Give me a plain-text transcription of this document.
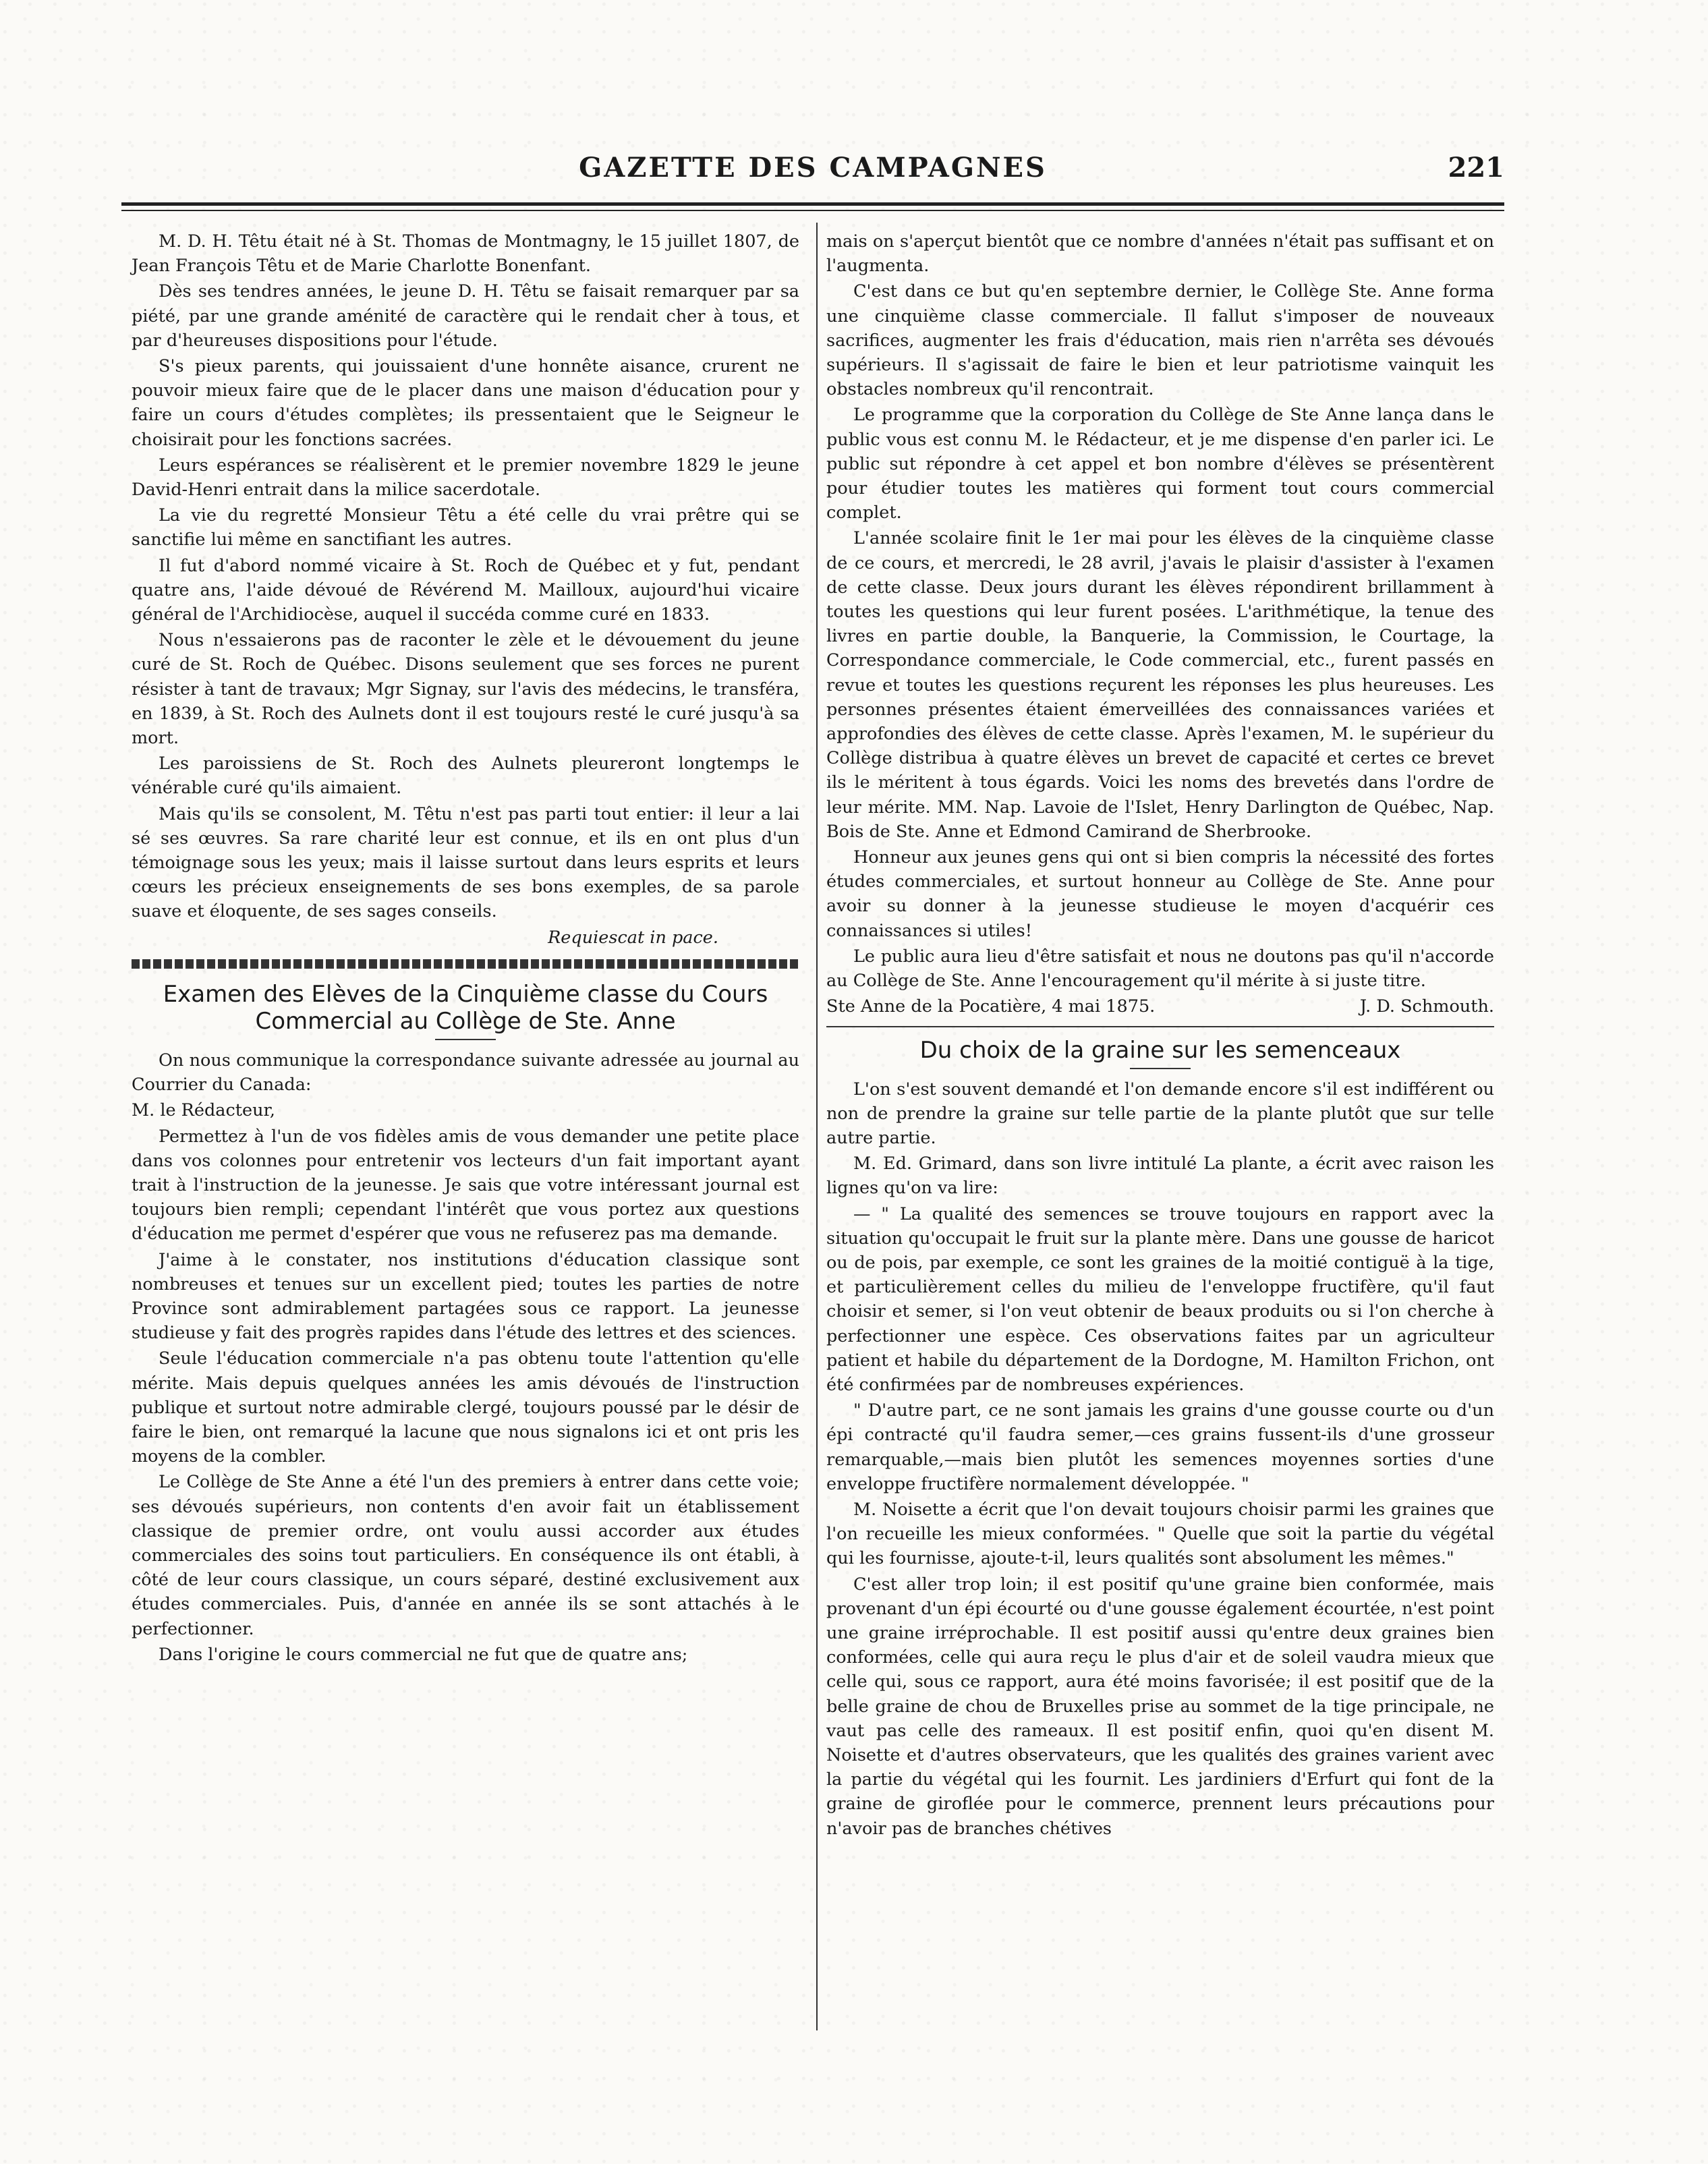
GAZETTE DES CAMPAGNES	221

M. D. H. Têtu était né à St. Thomas de Montmagny, le 15 juillet 1807, de Jean François Têtu et de Marie Charlotte Bonenfant.

Dès ses tendres années, le jeune D. H. Têtu se faisait remarquer par sa piété, par une grande aménité de caractère qui le rendait cher à tous, et par d'heureuses dispositions pour l'étude.

S's pieux parents, qui jouissaient d'une honnête aisance, crurent ne pouvoir mieux faire que de le placer dans une maison d'éducation pour y faire un cours d'études complètes; ils pressentaient que le Seigneur le choisirait pour les fonctions sacrées.

Leurs espérances se réalisèrent et le premier novembre 1829 le jeune David-Henri entrait dans la milice sacerdotale.

La vie du regretté Monsieur Têtu a été celle du vrai prêtre qui se sanctifie lui même en sanctifiant les autres.

Il fut d'abord nommé vicaire à St. Roch de Québec et y fut, pendant quatre ans, l'aide dévoué de Révérend M. Mailloux, aujourd'hui vicaire général de l'Archidiocèse, auquel il succéda comme curé en 1833.

Nous n'essaierons pas de raconter le zèle et le dévouement du jeune curé de St. Roch de Québec. Disons seulement que ses forces ne purent résister à tant de travaux; Mgr Signay, sur l'avis des médecins, le transféra, en 1839, à St. Roch des Aulnets dont il est toujours resté le curé jusqu'à sa mort.

Les paroissiens de St. Roch des Aulnets pleureront longtemps le vénérable curé qu'ils aimaient.

Mais qu'ils se consolent, M. Têtu n'est pas parti tout entier: il leur a lai sé ses œuvres. Sa rare charité leur est connue, et ils en ont plus d'un témoignage sous les yeux; mais il laisse surtout dans leurs esprits et leurs cœurs les précieux enseignements de ses bons exemples, de sa parole suave et éloquente, de ses sages conseils.

Requiescat in pace.

Examen des Elèves de la Cinquième classe du Cours Commercial au Collège de Ste. Anne

On nous communique la correspondance suivante adressée au journal au Courrier du Canada:

M. le Rédacteur,

Permettez à l'un de vos fidèles amis de vous demander une petite place dans vos colonnes pour entretenir vos lecteurs d'un fait important ayant trait à l'instruction de la jeunesse. Je sais que votre intéressant journal est toujours bien rempli; cependant l'intérêt que vous portez aux questions d'éducation me permet d'espérer que vous ne refuserez pas ma demande.

J'aime à le constater, nos institutions d'éducation classique sont nombreuses et tenues sur un excellent pied; toutes les parties de notre Province sont admirablement partagées sous ce rapport. La jeunesse studieuse y fait des progrès rapides dans l'étude des lettres et des sciences.

Seule l'éducation commerciale n'a pas obtenu toute l'attention qu'elle mérite. Mais depuis quelques années les amis dévoués de l'instruction publique et surtout notre admirable clergé, toujours poussé par le désir de faire le bien, ont remarqué la lacune que nous signalons ici et ont pris les moyens de la combler.

Le Collège de Ste Anne a été l'un des premiers à entrer dans cette voie; ses dévoués supérieurs, non contents d'en avoir fait un établissement classique de premier ordre, ont voulu aussi accorder aux études commerciales des soins tout particuliers. En conséquence ils ont établi, à côté de leur cours classique, un cours séparé, destiné exclusivement aux études commerciales. Puis, d'année en année ils se sont attachés à le perfectionner.

Dans l'origine le cours commercial ne fut que de quatre ans;

mais on s'aperçut bientôt que ce nombre d'années n'était pas suffisant et on l'augmenta.

C'est dans ce but qu'en septembre dernier, le Collège Ste. Anne forma une cinquième classe commerciale. Il fallut s'imposer de nouveaux sacrifices, augmenter les frais d'éducation, mais rien n'arrêta ses dévoués supérieurs. Il s'agissait de faire le bien et leur patriotisme vainquit les obstacles nombreux qu'il rencontrait.

Le programme que la corporation du Collège de Ste Anne lança dans le public vous est connu M. le Rédacteur, et je me dispense d'en parler ici. Le public sut répondre à cet appel et bon nombre d'élèves se présentèrent pour étudier toutes les matières qui forment tout cours commercial complet.

L'année scolaire finit le 1er mai pour les élèves de la cinquième classe de ce cours, et mercredi, le 28 avril, j'avais le plaisir d'assister à l'examen de cette classe. Deux jours durant les élèves répondirent brillamment à toutes les questions qui leur furent posées. L'arithmétique, la tenue des livres en partie double, la Banquerie, la Commission, le Courtage, la Correspondance commerciale, le Code commercial, etc., furent passés en revue et toutes les questions reçurent les réponses les plus heureuses. Les personnes présentes étaient émerveillées des connaissances variées et approfondies des élèves de cette classe. Après l'examen, M. le supérieur du Collège distribua à quatre élèves un brevet de capacité et certes ce brevet ils le méritent à tous égards. Voici les noms des brevetés dans l'ordre de leur mérite. MM. Nap. Lavoie de l'Islet, Henry Darlington de Québec, Nap. Bois de Ste. Anne et Edmond Camirand de Sherbrooke.

Honneur aux jeunes gens qui ont si bien compris la nécessité des fortes études commerciales, et surtout honneur au Collège de Ste. Anne pour avoir su donner à la jeunesse studieuse le moyen d'acquérir ces connaissances si utiles!

Le public aura lieu d'être satisfait et nous ne doutons pas qu'il n'accorde au Collège de Ste. Anne l'encouragement qu'il mérite à si juste titre.

Ste Anne de la Pocatière, 4 mai 1875.	J. D. Schmouth.

Du choix de la graine sur les semenceaux

L'on s'est souvent demandé et l'on demande encore s'il est indifférent ou non de prendre la graine sur telle partie de la plante plutôt que sur telle autre partie.

M. Ed. Grimard, dans son livre intitulé La plante, a écrit avec raison les lignes qu'on va lire:

— " La qualité des semences se trouve toujours en rapport avec la situation qu'occupait le fruit sur la plante mère. Dans une gousse de haricot ou de pois, par exemple, ce sont les graines de la moitié contiguë à la tige, et particulièrement celles du milieu de l'enveloppe fructifère, qu'il faut choisir et semer, si l'on veut obtenir de beaux produits ou si l'on cherche à perfectionner une espèce. Ces observations faites par un agriculteur patient et habile du département de la Dordogne, M. Hamilton Frichon, ont été confirmées par de nombreuses expériences.

" D'autre part, ce ne sont jamais les grains d'une gousse courte ou d'un épi contracté qu'il faudra semer,—ces grains fussent-ils d'une grosseur remarquable,—mais bien plutôt les semences moyennes sorties d'une enveloppe fructifère normalement développée. "

M. Noisette a écrit que l'on devait toujours choisir parmi les graines que l'on recueille les mieux conformées. " Quelle que soit la partie du végétal qui les fournisse, ajoute-t-il, leurs qualités sont absolument les mêmes."

C'est aller trop loin; il est positif qu'une graine bien conformée, mais provenant d'un épi écourté ou d'une gousse également écourtée, n'est point une graine irréprochable. Il est positif aussi qu'entre deux graines bien conformées, celle qui aura reçu le plus d'air et de soleil vaudra mieux que celle qui, sous ce rapport, aura été moins favorisée; il est positif que de la belle graine de chou de Bruxelles prise au sommet de la tige principale, ne vaut pas celle des rameaux. Il est positif enfin, quoi qu'en disent M. Noisette et d'autres observateurs, que les qualités des graines varient avec la partie du végétal qui les fournit. Les jardiniers d'Erfurt qui font de la graine de giroflée pour le commerce, prennent leurs précautions pour n'avoir pas de branches chétives
